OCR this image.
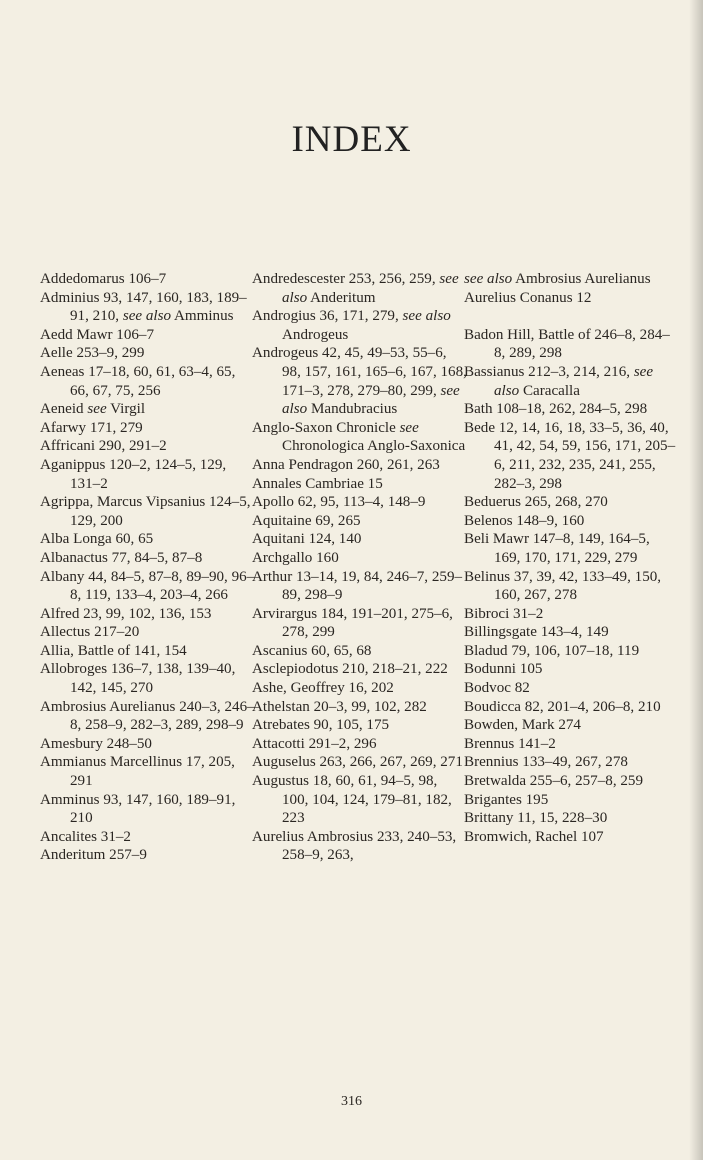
INDEX
Addedomarus 106–7
Adminius 93, 147, 160, 183, 189–91, 210, see also Amminus
Aedd Mawr 106–7
Aelle 253–9, 299
Aeneas 17–18, 60, 61, 63–4, 65, 66, 67, 75, 256
Aeneid see Virgil
Afarwy 171, 279
Affricani 290, 291–2
Aganippus 120–2, 124–5, 129, 131–2
Agrippa, Marcus Vipsanius 124–5, 129, 200
Alba Longa 60, 65
Albanactus 77, 84–5, 87–8
Albany 44, 84–5, 87–8, 89–90, 96–8, 119, 133–4, 203–4, 266
Alfred 23, 99, 102, 136, 153
Allectus 217–20
Allia, Battle of 141, 154
Allobroges 136–7, 138, 139–40, 142, 145, 270
Ambrosius Aurelianus 240–3, 246–8, 258–9, 282–3, 289, 298–9
Amesbury 248–50
Ammianus Marcellinus 17, 205, 291
Amminus 93, 147, 160, 189–91, 210
Ancalites 31–2
Anderitum 257–9
Andredescester 253, 256, 259, see also Anderitum
Androgius 36, 171, 279, see also Androgeus
Androgeus 42, 45, 49–53, 55–6, 98, 157, 161, 165–6, 167, 168, 171–3, 278, 279–80, 299, see also Mandubracius
Anglo-Saxon Chronicle see Chronologica Anglo-Saxonica
Anna Pendragon 260, 261, 263
Annales Cambriae 15
Apollo 62, 95, 113–4, 148–9
Aquitaine 69, 265
Aquitani 124, 140
Archgallo 160
Arthur 13–14, 19, 84, 246–7, 259–89, 298–9
Arvirargus 184, 191–201, 275–6, 278, 299
Ascanius 60, 65, 68
Asclepiodotus 210, 218–21, 222
Ashe, Geoffrey 16, 202
Athelstan 20–3, 99, 102, 282
Atrebates 90, 105, 175
Attacotti 291–2, 296
Auguselus 263, 266, 267, 269, 271
Augustus 18, 60, 61, 94–5, 98, 100, 104, 124, 179–81, 182, 223
Aurelius Ambrosius 233, 240–53, 258–9, 263,
see also Ambrosius Aurelianus
Aurelius Conanus 12
Badon Hill, Battle of 246–8, 284–8, 289, 298
Bassianus 212–3, 214, 216, see also Caracalla
Bath 108–18, 262, 284–5, 298
Bede 12, 14, 16, 18, 33–5, 36, 40, 41, 42, 54, 59, 156, 171, 205–6, 211, 232, 235, 241, 255, 282–3, 298
Beduerus 265, 268, 270
Belenos 148–9, 160
Beli Mawr 147–8, 149, 164–5, 169, 170, 171, 229, 279
Belinus 37, 39, 42, 133–49, 150, 160, 267, 278
Bibroci 31–2
Billingsgate 143–4, 149
Bladud 79, 106, 107–18, 119
Bodunni 105
Bodvoc 82
Boudicca 82, 201–4, 206–8, 210
Bowden, Mark 274
Brennus 141–2
Brennius 133–49, 267, 278
Bretwalda 255–6, 257–8, 259
Brigantes 195
Brittany 11, 15, 228–30
Bromwich, Rachel 107
316
